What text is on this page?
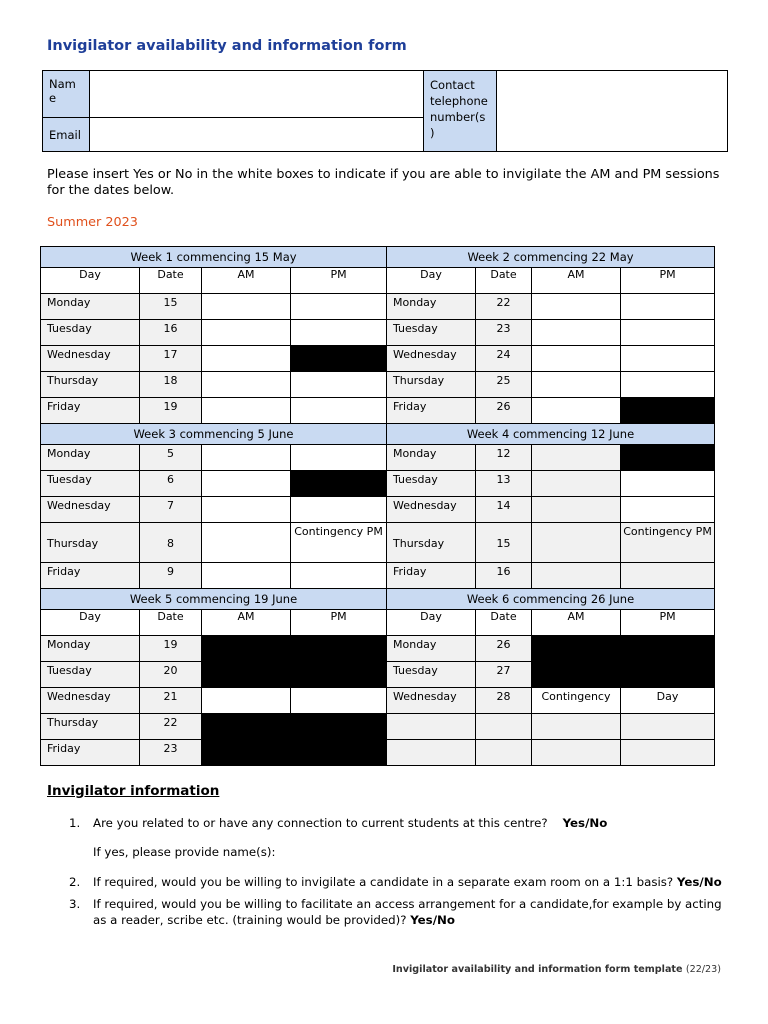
Invigilator availability and information form
Nam e		Contact telephone number(s )	
Email			
Please insert Yes or No in the white boxes to indicate if you are able to invigilate the AM and PM sessions for the dates below.
Summer 2023
Week 1 commencing 15 May				Week 2 commencing 22 May			
Day	Date	AM	PM	Day	Date	AM	PM
Monday	15			Monday	22		
Tuesday	16			Tuesday	23		
Wednesday	17			Wednesday	24		
Thursday	18			Thursday	25		
Friday	19			Friday	26		
Week 3 commencing 5 June				Week 4 commencing 12 June			
Monday	5			Monday	12		
Tuesday	6			Tuesday	13		
Wednesday	7			Wednesday	14		
Thursday	8		Contingency PM	Thursday	15		Contingency PM
Friday	9			Friday	16		
Week 5 commencing 19 June				Week 6 commencing 26 June			
Day	Date	AM	PM	Day	Date	AM	PM
Monday	19			Monday	26		
Tuesday	20			Tuesday	27		
Wednesday	21			Wednesday	28	Contingency	Day
Thursday	22						
Friday	23						
Invigilator information
1. Are you related to or have any connection to current students at this centre? Yes/No
If yes, please provide name(s):
2. If required, would you be willing to invigilate a candidate in a separate exam room on a 1:1 basis? Yes/No
3. If required, would you be willing to facilitate an access arrangement for a candidate,for example by acting as a reader, scribe etc. (training would be provided)? Yes/No
Invigilator availability and information form template (22/23)
